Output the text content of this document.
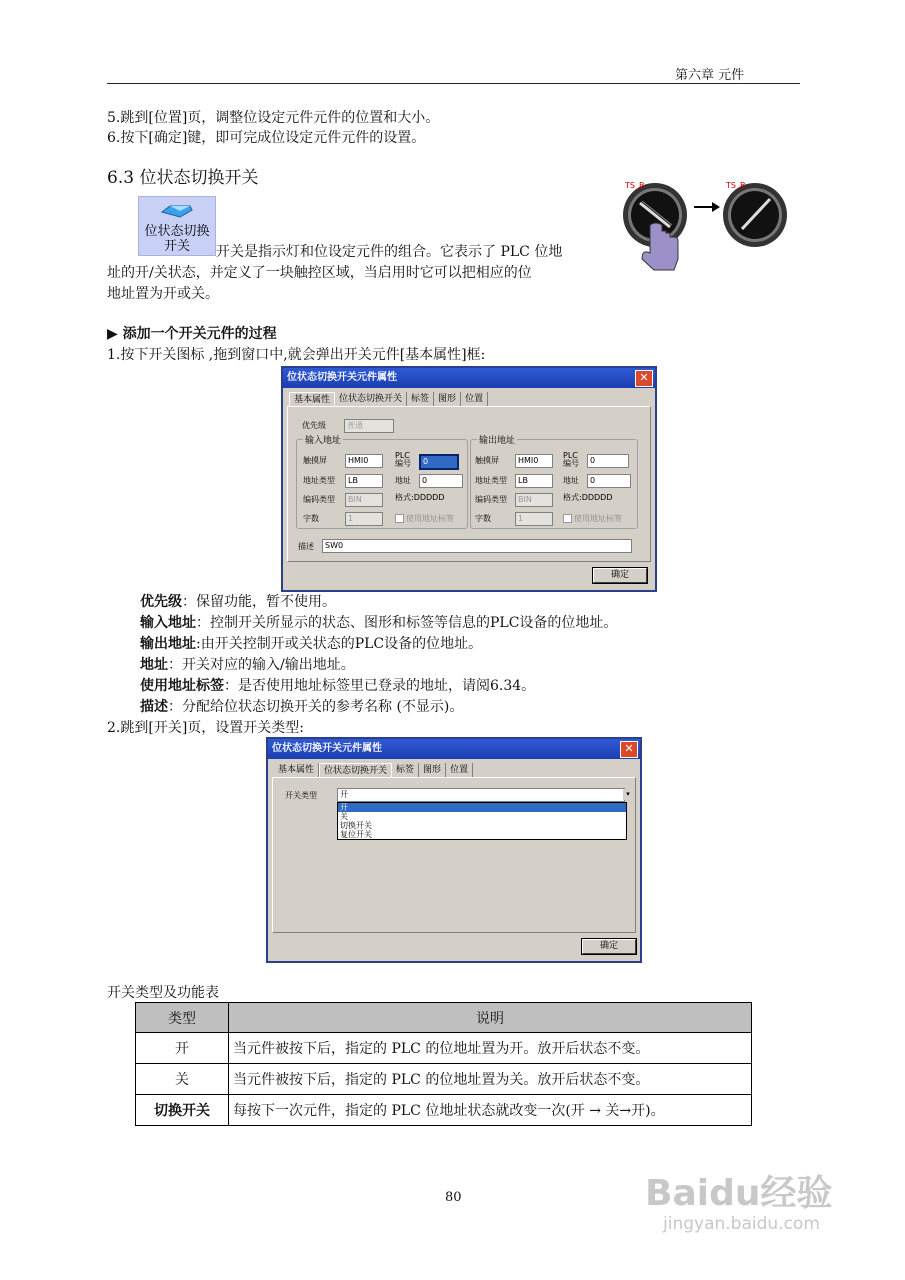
第六章 元件
5.跳到[位置]页，调整位设定元件元件的位置和大小。
6.按下[确定]键，即可完成位设定元件元件的设置。
6.3 位状态切换开关
位状态切换
开关	开关是指示灯和位设定元件的组合。它表示了 PLC 位地
址的开/关状态，并定义了一块触控区域，当启用时它可以把相应的位
地址置为开或关。
TS_B	TS_B
▶ 添加一个开关元件的过程
1.按下开关图标 ,拖到窗口中,就会弹出开关元件[基本属性]框:
位状态切换开关元件属性	✕
基本属性	位状态切换开关	标签	图形	位置
优先级	普通
输入地址
触摸屏	HMI0
PLC
编号	0
地址类型	LB	地址	0
编码类型	BIN	格式:DDDDD
字数	1	使用地址标签
输出地址
触摸屏	HMI0
PLC
编号	0
地址类型	LB	地址	0
编码类型	BIN	格式:DDDDD
字数	1	使用地址标签
描述	SW0
确定
优先级：保留功能，暂不使用。
输入地址：控制开关所显示的状态、图形和标签等信息的PLC设备的位地址。
输出地址:由开关控制开或关状态的PLC设备的位地址。
地址：开关对应的输入/输出地址。
使用地址标签：是否使用地址标签里已登录的地址，请阅6.34。
描述：分配给位状态切换开关的参考名称 (不显示)。
2.跳到[开关]页，设置开关类型:
位状态切换开关元件属性	✕
基本属性	位状态切换开关	标签	图形	位置
开关类型	开	▾
开
关
切换开关
复位开关
确定
开关类型及功能表
类型	说明
开	当元件被按下后，指定的 PLC 的位地址置为开。放开后状态不变。
关	当元件被按下后，指定的 PLC 的位地址置为关。放开后状态不变。
切换开关	每按下一次元件，指定的 PLC 位地址状态就改变一次(开 → 关→开)。
80	Baidu经验
jingyan.baidu.com
